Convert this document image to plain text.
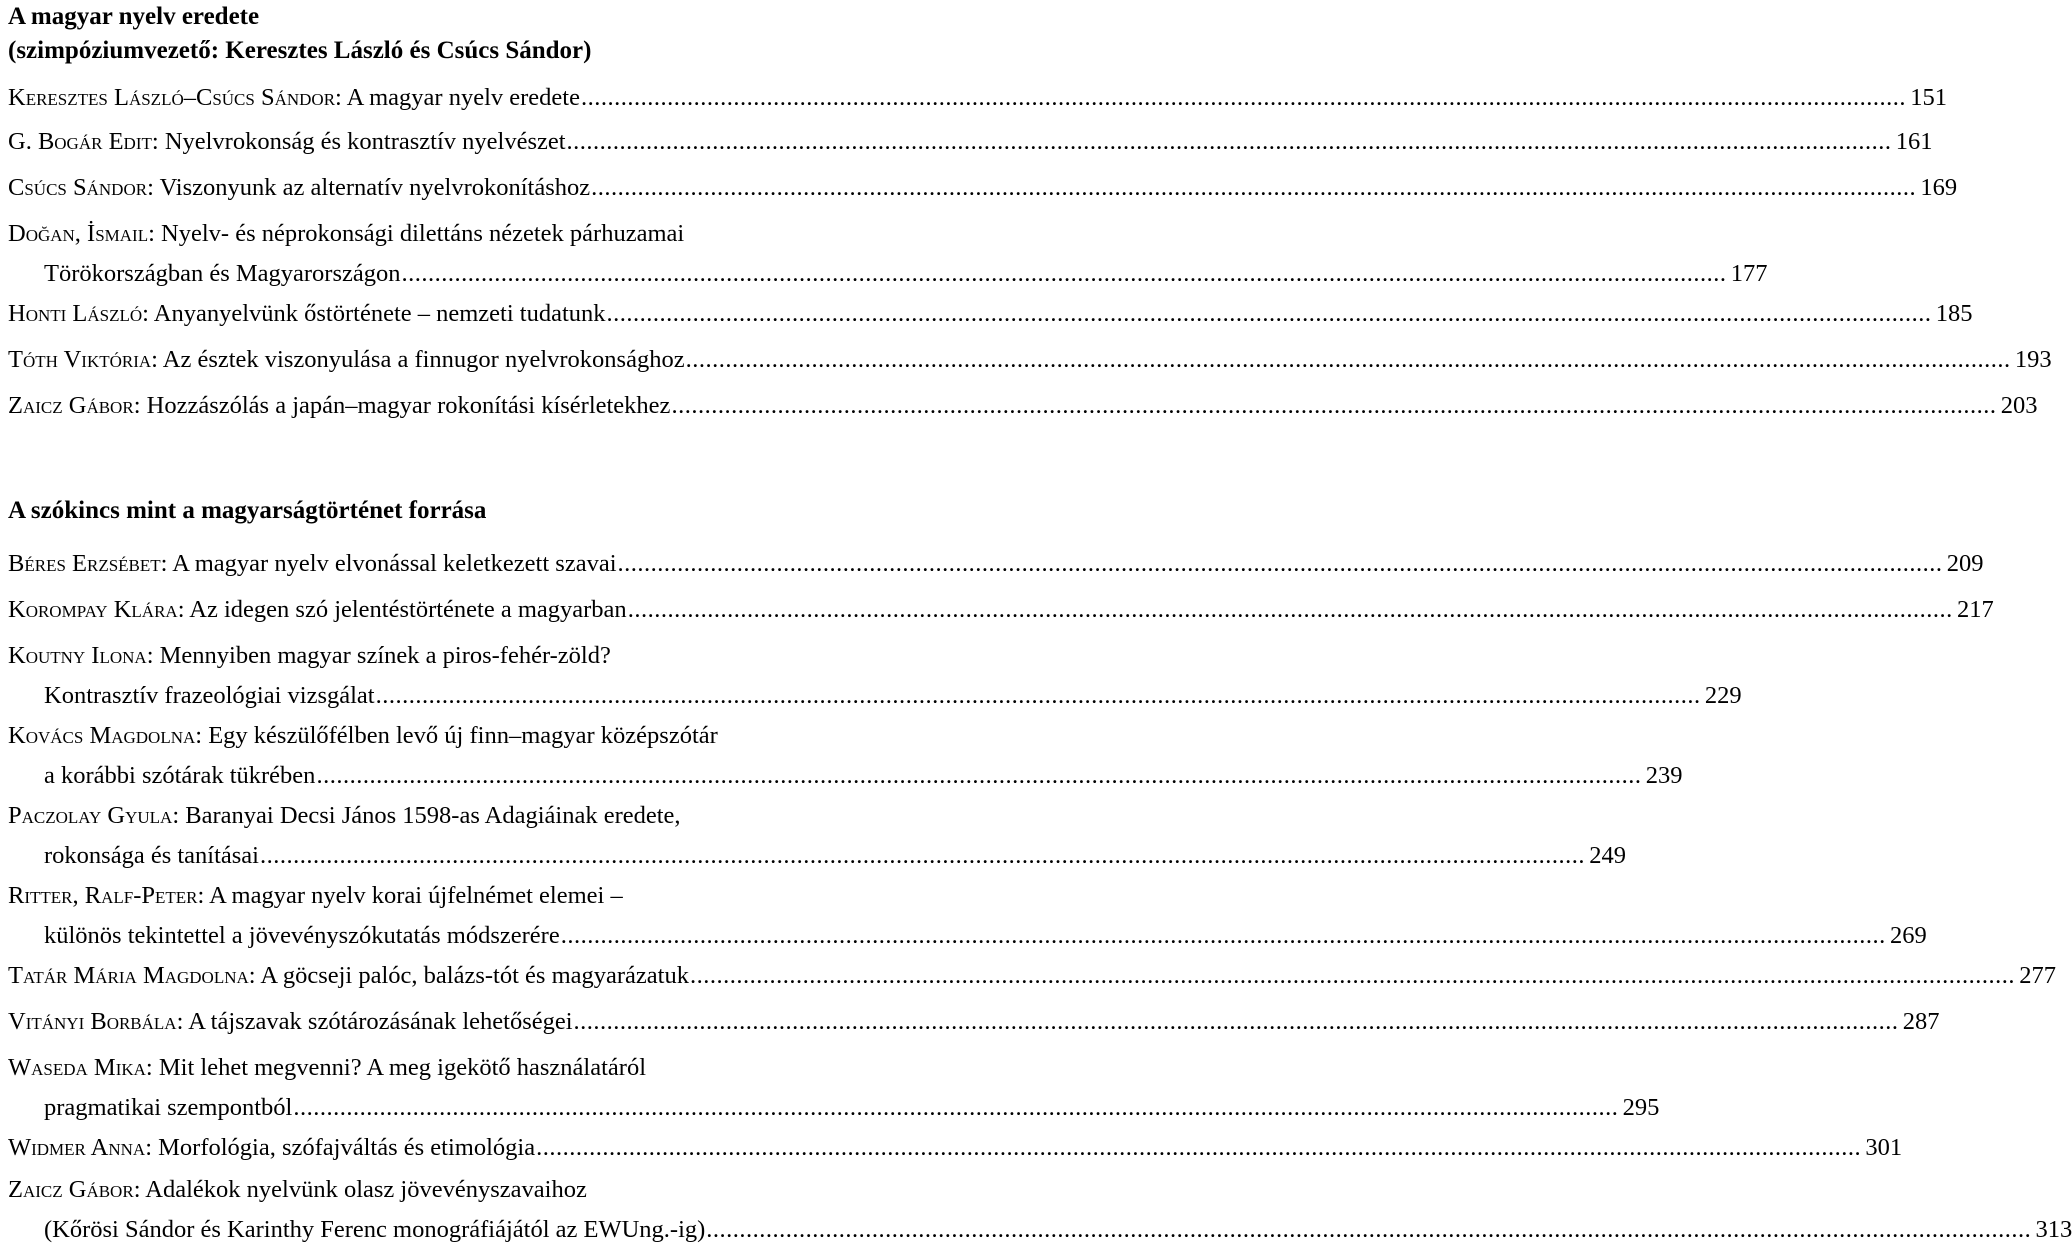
A magyar nyelv eredete
(szimpóziumvezető: Keresztes László és Csúcs Sándor)
Keresztes László–Csúcs Sándor: A magyar nyelv eredete ........................................................................................................................................................................................................ 151
G. Bogár Edit: Nyelvrokonság és kontrasztív nyelvészet ........................................................................................................................................................................................................ 161
Csúcs Sándor: Viszonyunk az alternatív nyelvrokonításhoz ........................................................................................................................................................................................................ 169
Doğan, İsmail: Nyelv- és néprokonsági dilettáns nézetek párhuzamai
Törökországban és Magyarországon ........................................................................................................................................................................................................ 177
Honti László: Anyanyelvünk őstörténete – nemzeti tudatunk ........................................................................................................................................................................................................ 185
Tóth Viktória: Az észtek viszonyulása a finnugor nyelvrokonsághoz ........................................................................................................................................................................................................ 193
Zaicz Gábor: Hozzászólás a japán–magyar rokonítási kísérletekhez ........................................................................................................................................................................................................ 203
A szókincs mint a magyarságtörténet forrása
Béres Erzsébet: A magyar nyelv elvonással keletkezett szavai ........................................................................................................................................................................................................ 209
Korompay Klára: Az idegen szó jelentéstörténete a magyarban ........................................................................................................................................................................................................ 217
Koutny Ilona: Mennyiben magyar színek a piros-fehér-zöld?
Kontrasztív frazeológiai vizsgálat ........................................................................................................................................................................................................ 229
Kovács Magdolna: Egy készülőfélben levő új finn–magyar középszótár
a korábbi szótárak tükrében ........................................................................................................................................................................................................ 239
Paczolay Gyula: Baranyai Decsi János 1598-as Adagiáinak eredete,
rokonsága és tanításai ........................................................................................................................................................................................................ 249
Ritter, Ralf-Peter: A magyar nyelv korai újfelnémet elemei –
különös tekintettel a jövevényszókutatás módszerére ........................................................................................................................................................................................................ 269
Tatár Mária Magdolna: A göcseji palóc, balázs-tót és magyarázatuk ........................................................................................................................................................................................................ 277
Vitányi Borbála: A tájszavak szótározásának lehetőségei ........................................................................................................................................................................................................ 287
Waseda Mika: Mit lehet megvenni? A meg igekötő használatáról
pragmatikai szempontból ........................................................................................................................................................................................................ 295
Widmer Anna: Morfológia, szófajváltás és etimológia ........................................................................................................................................................................................................ 301
Zaicz Gábor: Adalékok nyelvünk olasz jövevényszavaihoz
(Kőrösi Sándor és Karinthy Ferenc monográfiájától az EWUng.-ig) ........................................................................................................................................................................................................ 313
